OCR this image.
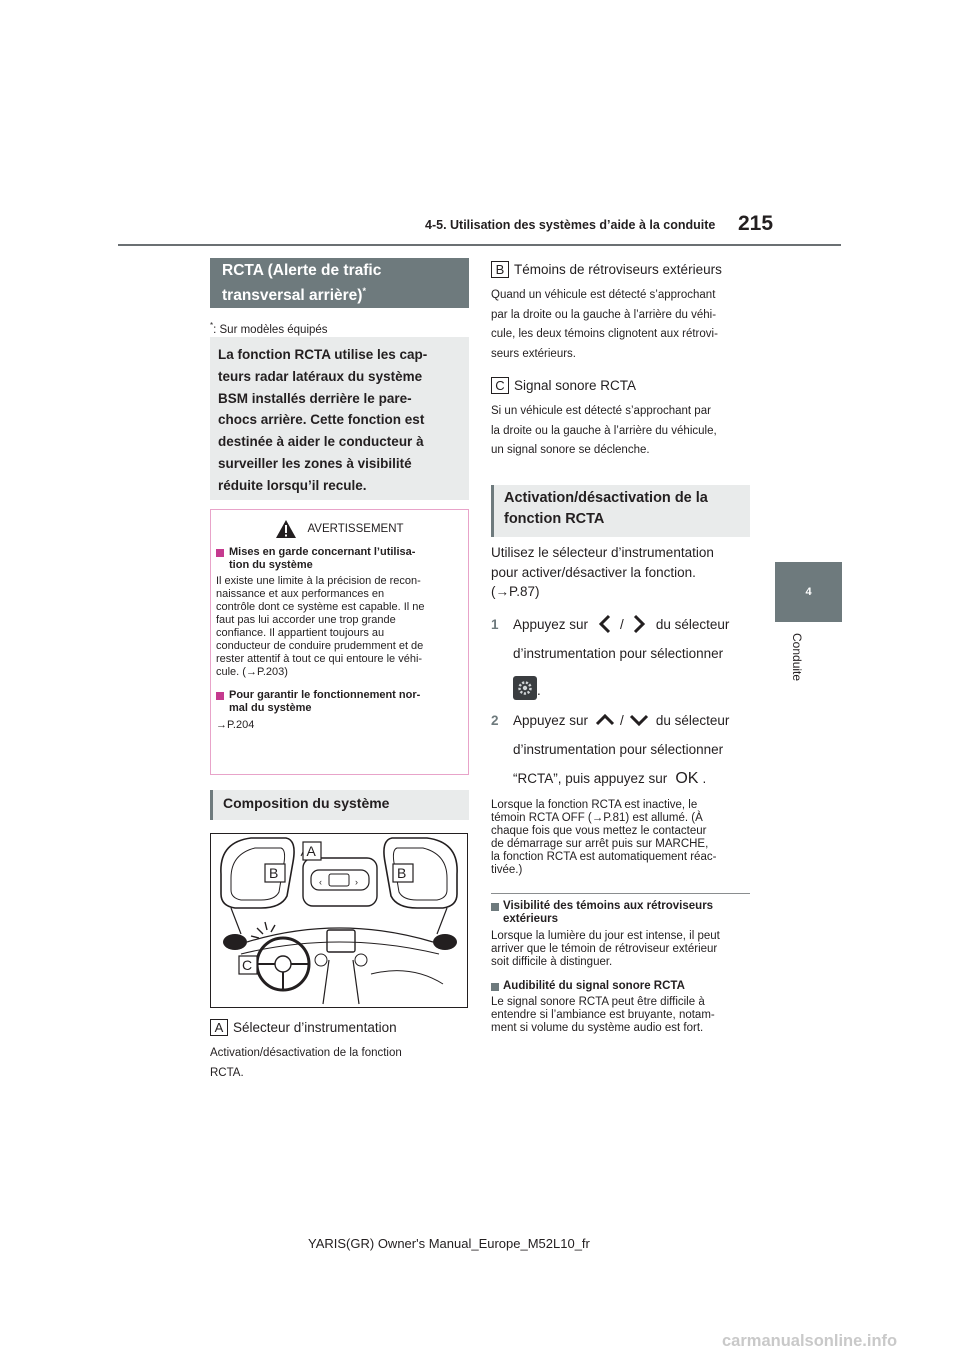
4-5. Utilisation des systèmes d’aide à la conduite 215
4
Conduite
RCTA (Alerte de trafic
transversal arrière)*
*: Sur modèles équipés
La fonction RCTA utilise les cap-
teurs radar latéraux du système
BSM installés derrière le pare-
chocs arrière. Cette fonction est
destinée à aider le conducteur à
surveiller les zones à visibilité
réduite lorsqu’il recule.
AVERTISSEMENT
Mises en garde concernant l’utilisa-
tion du système
Il existe une limite à la précision de recon-
naissance et aux performances en
contrôle dont ce système est capable. Il ne
faut pas lui accorder une trop grande
confiance. Il appartient toujours au
conducteur de conduire prudemment et de
rester attentif à tout ce qui entoure le véhi-
cule. (→P.203)
Pour garantir le fonctionnement nor-
mal du système
→P.204
Composition du système
‹	›
A
B	B
C
A Sélecteur d’instrumentation
Activation/désactivation de la fonction
RCTA.
B Témoins de rétroviseurs extérieurs
Quand un véhicule est détecté s’approchant
par la droite ou la gauche à l’arrière du véhi-
cule, les deux témoins clignotent aux rétrovi-
seurs extérieurs.
C Signal sonore RCTA
Si un véhicule est détecté s’approchant par
la droite ou la gauche à l’arrière du véhicule,
un signal sonore se déclenche.
Activation/désactivation de la
fonction RCTA
Utilisez le sélecteur d’instrumentation
pour activer/désactiver la fonction.
(→P.87)
1	Appuyez sur / du sélecteur
d’instrumentation pour sélectionner
.
2	Appuyez sur / du sélecteur
d’instrumentation pour sélectionner
“RCTA”, puis appuyez sur OK .
Lorsque la fonction RCTA est inactive, le
témoin RCTA OFF (→P.81) est allumé. (À
chaque fois que vous mettez le contacteur
de démarrage sur arrêt puis sur MARCHE,
la fonction RCTA est automatiquement réac-
tivée.)
Visibilité des témoins aux rétroviseurs
extérieurs
Lorsque la lumière du jour est intense, il peut
arriver que le témoin de rétroviseur extérieur
soit difficile à distinguer.
Audibilité du signal sonore RCTA
Le signal sonore RCTA peut être difficile à
entendre si l’ambiance est bruyante, notam-
ment si volume du système audio est fort.
YARIS(GR) Owner's Manual_Europe_M52L10_fr
carmanualsonline.info
